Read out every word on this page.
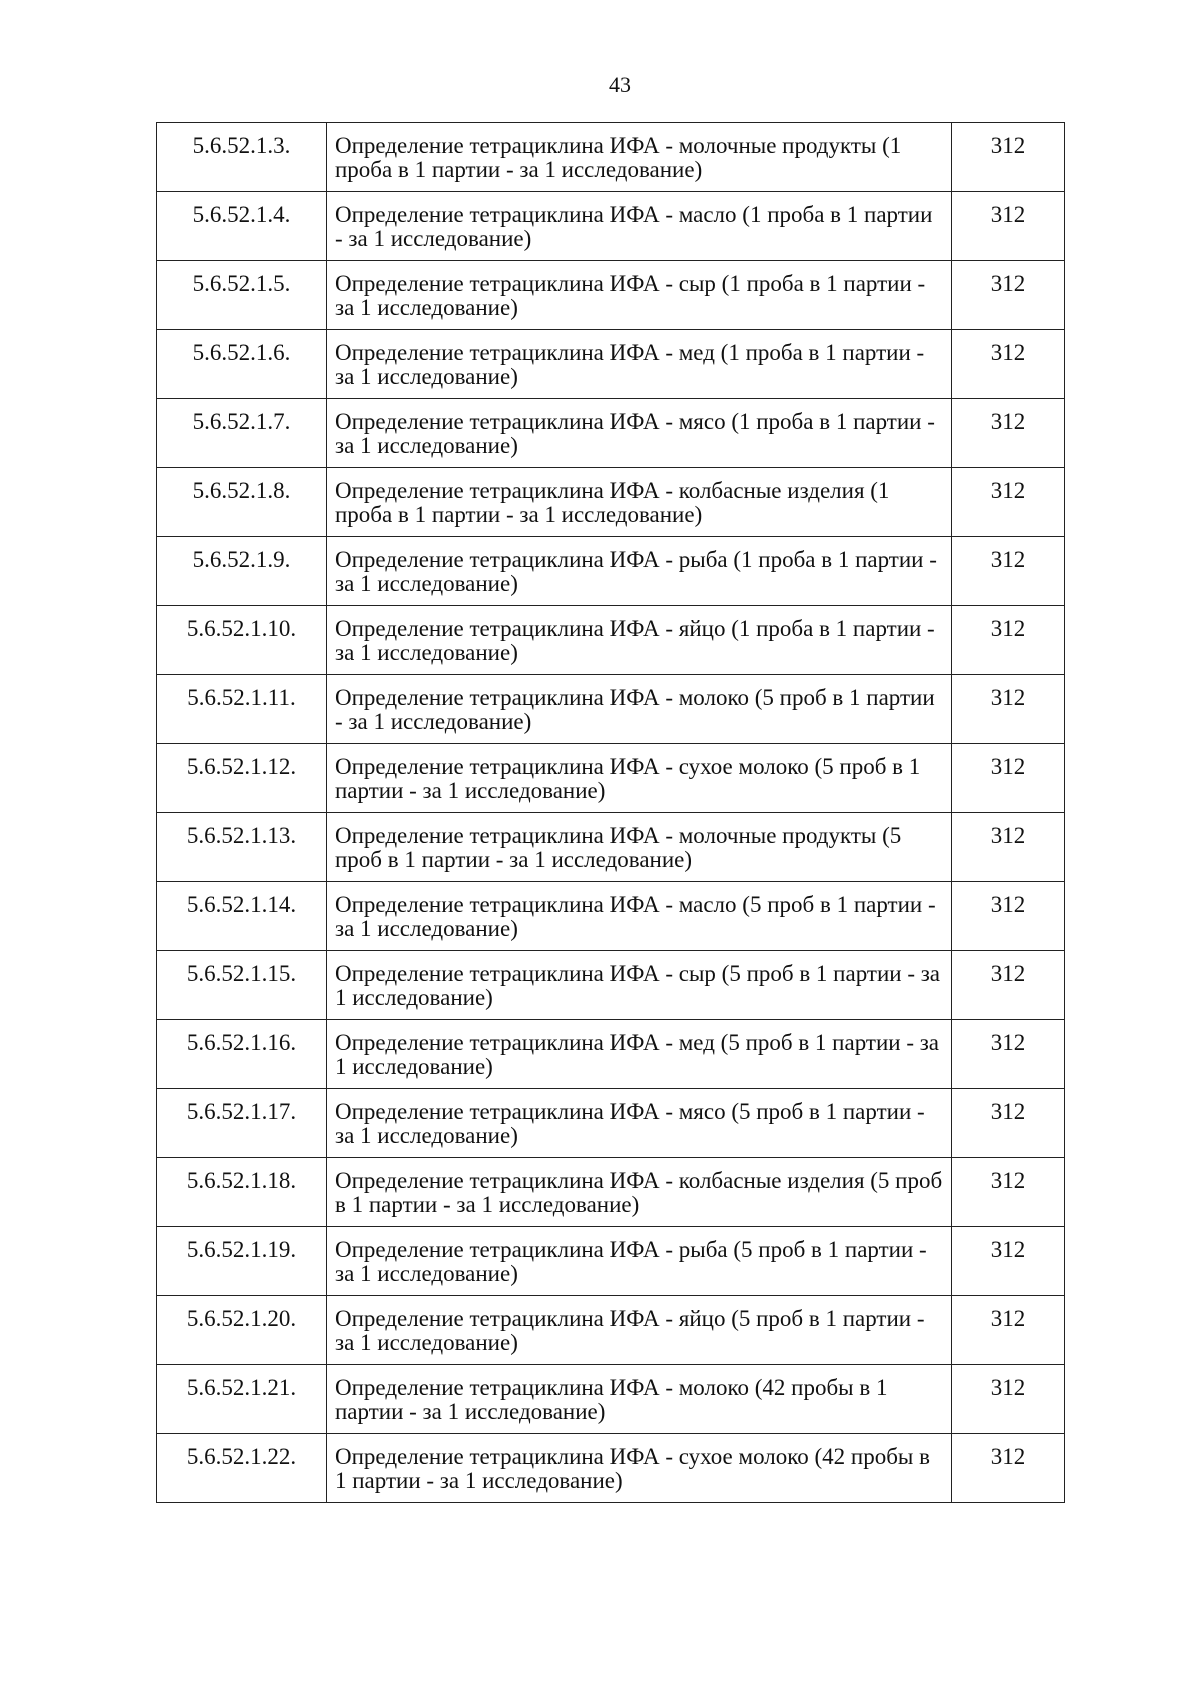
43
5.6.52.1.3.	Определение тетрациклина ИФА - молочные продукты (1 проба в 1 партии - за 1 исследование)	312
5.6.52.1.4.	Определение тетрациклина ИФА - масло (1 проба в 1 партии - за 1 исследование)	312
5.6.52.1.5.	Определение тетрациклина ИФА - сыр (1 проба в 1 партии - за 1 исследование)	312
5.6.52.1.6.	Определение тетрациклина ИФА - мед (1 проба в 1 партии - за 1 исследование)	312
5.6.52.1.7.	Определение тетрациклина ИФА - мясо (1 проба в 1 партии - за 1 исследование)	312
5.6.52.1.8.	Определение тетрациклина ИФА - колбасные изделия (1 проба в 1 партии - за 1 исследование)	312
5.6.52.1.9.	Определение тетрациклина ИФА - рыба (1 проба в 1 партии - за 1 исследование)	312
5.6.52.1.10.	Определение тетрациклина ИФА - яйцо (1 проба в 1 партии - за 1 исследование)	312
5.6.52.1.11.	Определение тетрациклина ИФА - молоко (5 проб в 1 партии - за 1 исследование)	312
5.6.52.1.12.	Определение тетрациклина ИФА - сухое молоко (5 проб в 1 партии - за 1 исследование)	312
5.6.52.1.13.	Определение тетрациклина ИФА - молочные продукты (5 проб в 1 партии - за 1 исследование)	312
5.6.52.1.14.	Определение тетрациклина ИФА - масло (5 проб в 1 партии - за 1 исследование)	312
5.6.52.1.15.	Определение тетрациклина ИФА - сыр (5 проб в 1 партии - за 1 исследование)	312
5.6.52.1.16.	Определение тетрациклина ИФА - мед (5 проб в 1 партии - за 1 исследование)	312
5.6.52.1.17.	Определение тетрациклина ИФА - мясо (5 проб в 1 партии - за 1 исследование)	312
5.6.52.1.18.	Определение тетрациклина ИФА - колбасные изделия (5 проб в 1 партии - за 1 исследование)	312
5.6.52.1.19.	Определение тетрациклина ИФА - рыба (5 проб в 1 партии - за 1 исследование)	312
5.6.52.1.20.	Определение тетрациклина ИФА - яйцо (5 проб в 1 партии - за 1 исследование)	312
5.6.52.1.21.	Определение тетрациклина ИФА - молоко (42 пробы в 1 партии - за 1 исследование)	312
5.6.52.1.22.	Определение тетрациклина ИФА - сухое молоко (42 пробы в 1 партии - за 1 исследование)	312
